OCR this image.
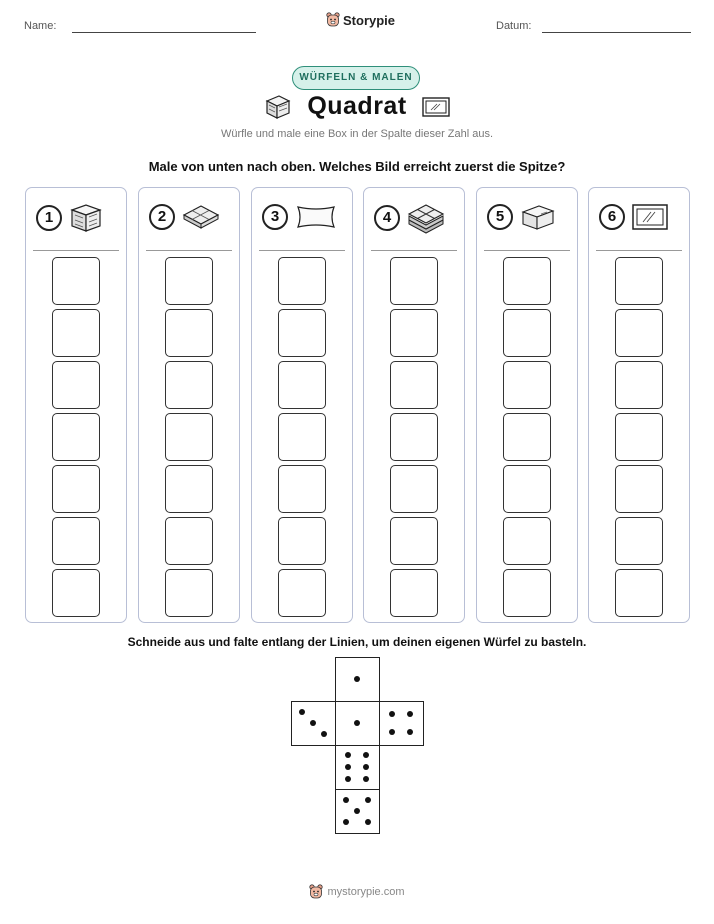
Name:	Storypie	Datum:
WÜRFELN & MALEN
Quadrat
Würfle und male eine Box in der Spalte dieser Zahl aus.
Male von unten nach oben. Welches Bild erreicht zuerst die Spitze?
1	2	3	4	5	6
Schneide aus und falte entlang der Linien, um deinen eigenen Würfel zu basteln.
mystorypie.com
